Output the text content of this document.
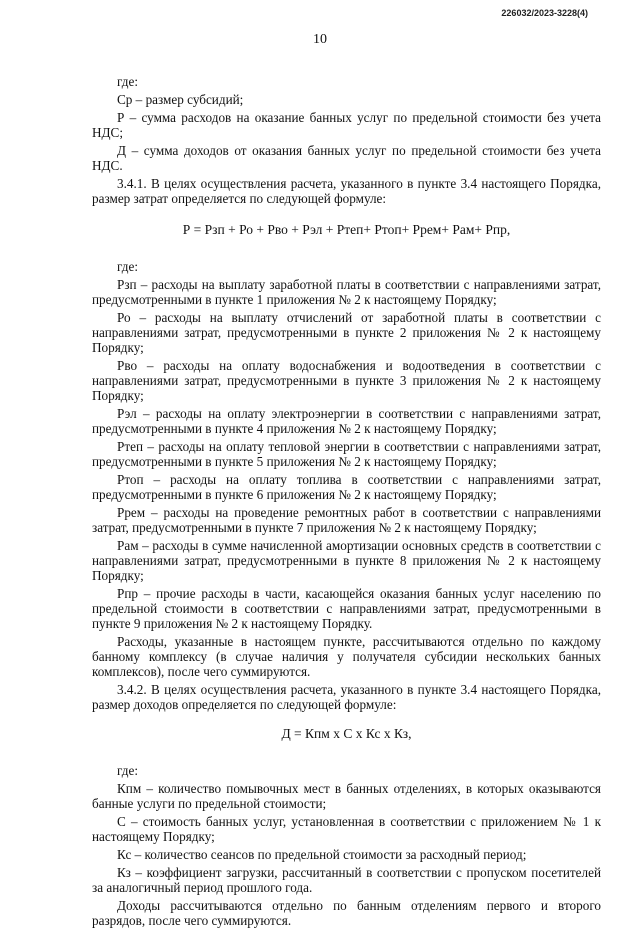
226032/2023-3228(4)
10

где:

Ср – размер субсидий;

Р – сумма расходов на оказание банных услуг по предельной стоимости без учета НДС;

Д – сумма доходов от оказания банных услуг по предельной стоимости без учета НДС.

3.4.1. В целях осуществления расчета, указанного в пункте 3.4 настоящего Порядка, размер затрат определяется по следующей формуле:

Р = Рзп + Ро + Рво + Рэл + Ртеп+ Ртоп+ Ррем+ Рам+ Рпр,

где:

Рзп – расходы на выплату заработной платы в соответствии с направлениями затрат, предусмотренными в пункте 1 приложения № 2 к настоящему Порядку;

Ро – расходы на выплату отчислений от заработной платы в соответствии с направлениями затрат, предусмотренными в пункте 2 приложения № 2 к настоящему Порядку;

Рво – расходы на оплату водоснабжения и водоотведения в соответствии с направлениями затрат, предусмотренными в пункте 3 приложения № 2 к настоящему Порядку;

Рэл – расходы на оплату электроэнергии в соответствии с направлениями затрат, предусмотренными в пункте 4 приложения № 2 к настоящему Порядку;

Ртеп – расходы на оплату тепловой энергии в соответствии с направлениями затрат, предусмотренными в пункте 5 приложения № 2 к настоящему Порядку;

Ртоп – расходы на оплату топлива в соответствии с направлениями затрат, предусмотренными в пункте 6 приложения № 2 к настоящему Порядку;

Ррем – расходы на проведение ремонтных работ в соответствии с направлениями затрат, предусмотренными в пункте 7 приложения № 2 к настоящему Порядку;

Рам – расходы в сумме начисленной амортизации основных средств в соответствии с направлениями затрат, предусмотренными в пункте 8 приложения № 2 к настоящему Порядку;

Рпр – прочие расходы в части, касающейся оказания банных услуг населению по предельной стоимости в соответствии с направлениями затрат, предусмотренными в пункте 9 приложения № 2 к настоящему Порядку.

Расходы, указанные в настоящем пункте, рассчитываются отдельно по каждому банному комплексу (в случае наличия у получателя субсидии нескольких банных комплексов), после чего суммируются.

3.4.2. В целях осуществления расчета, указанного в пункте 3.4 настоящего Порядка, размер доходов определяется по следующей формуле:

Д = Кпм х С х Кс х Кз,

где:

Кпм – количество помывочных мест в банных отделениях, в которых оказываются банные услуги по предельной стоимости;

С – стоимость банных услуг, установленная в соответствии с приложением № 1 к настоящему Порядку;

Кс – количество сеансов по предельной стоимости за расходный период;

Кз – коэффициент загрузки, рассчитанный в соответствии с пропуском посетителей за аналогичный период прошлого года.

Доходы рассчитываются отдельно по банным отделениям первого и второго разрядов, после чего суммируются.
